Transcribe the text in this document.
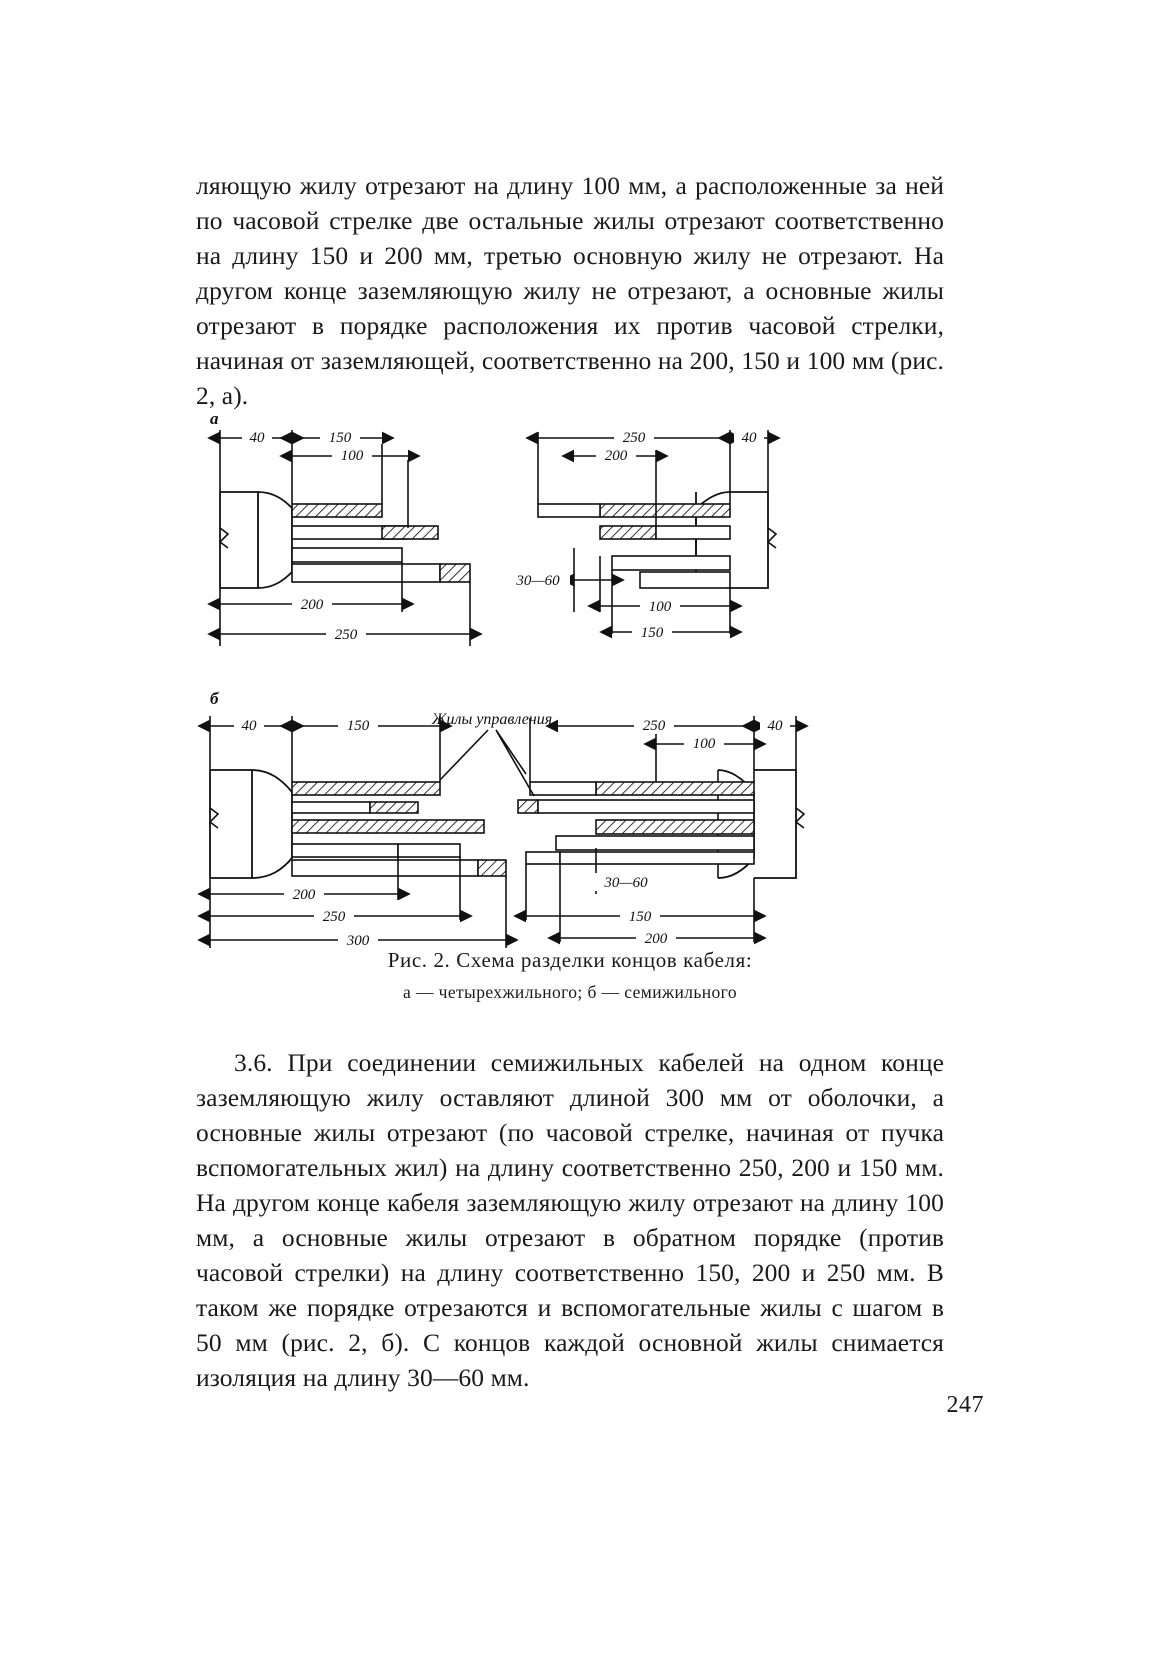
ляющую жилу отрезают на длину 100 мм, а расположенные за ней по часовой стрелке две остальные жилы отрезают соответственно на длину 150 и 200 мм, третью основную жилу не отрезают. На другом конце заземляющую жилу не отрезают, а основные жилы отрезают в порядке расположения их против часовой стрелки, начиная от заземляющей, соответственно на 200, 150 и 100 мм (рис. 2, а).
а
б
40	150
100
250
200
40
200
250
30—60
100
150
40	150	250
100
40
200
250
300
30—60
150
200
Жилы управления
Рис. 2. Схема разделки концов кабеля:
а — четырехжильного; б — семижильного
3.6. При соединении семижильных кабелей на одном конце заземляющую жилу оставляют длиной 300 мм от оболочки, а основные жилы отрезают (по часовой стрелке, начиная от пучка вспомогательных жил) на длину соответственно 250, 200 и 150 мм. На другом конце кабеля заземляющую жилу отрезают на длину 100 мм, а основные жилы отрезают в обратном порядке (против часовой стрелки) на длину соответственно 150, 200 и 250 мм. В таком же порядке отрезаются и вспомогательные жилы с шагом в 50 мм (рис. 2, б). С концов каждой основной жилы снимается изоляция на длину 30—60 мм.
247
